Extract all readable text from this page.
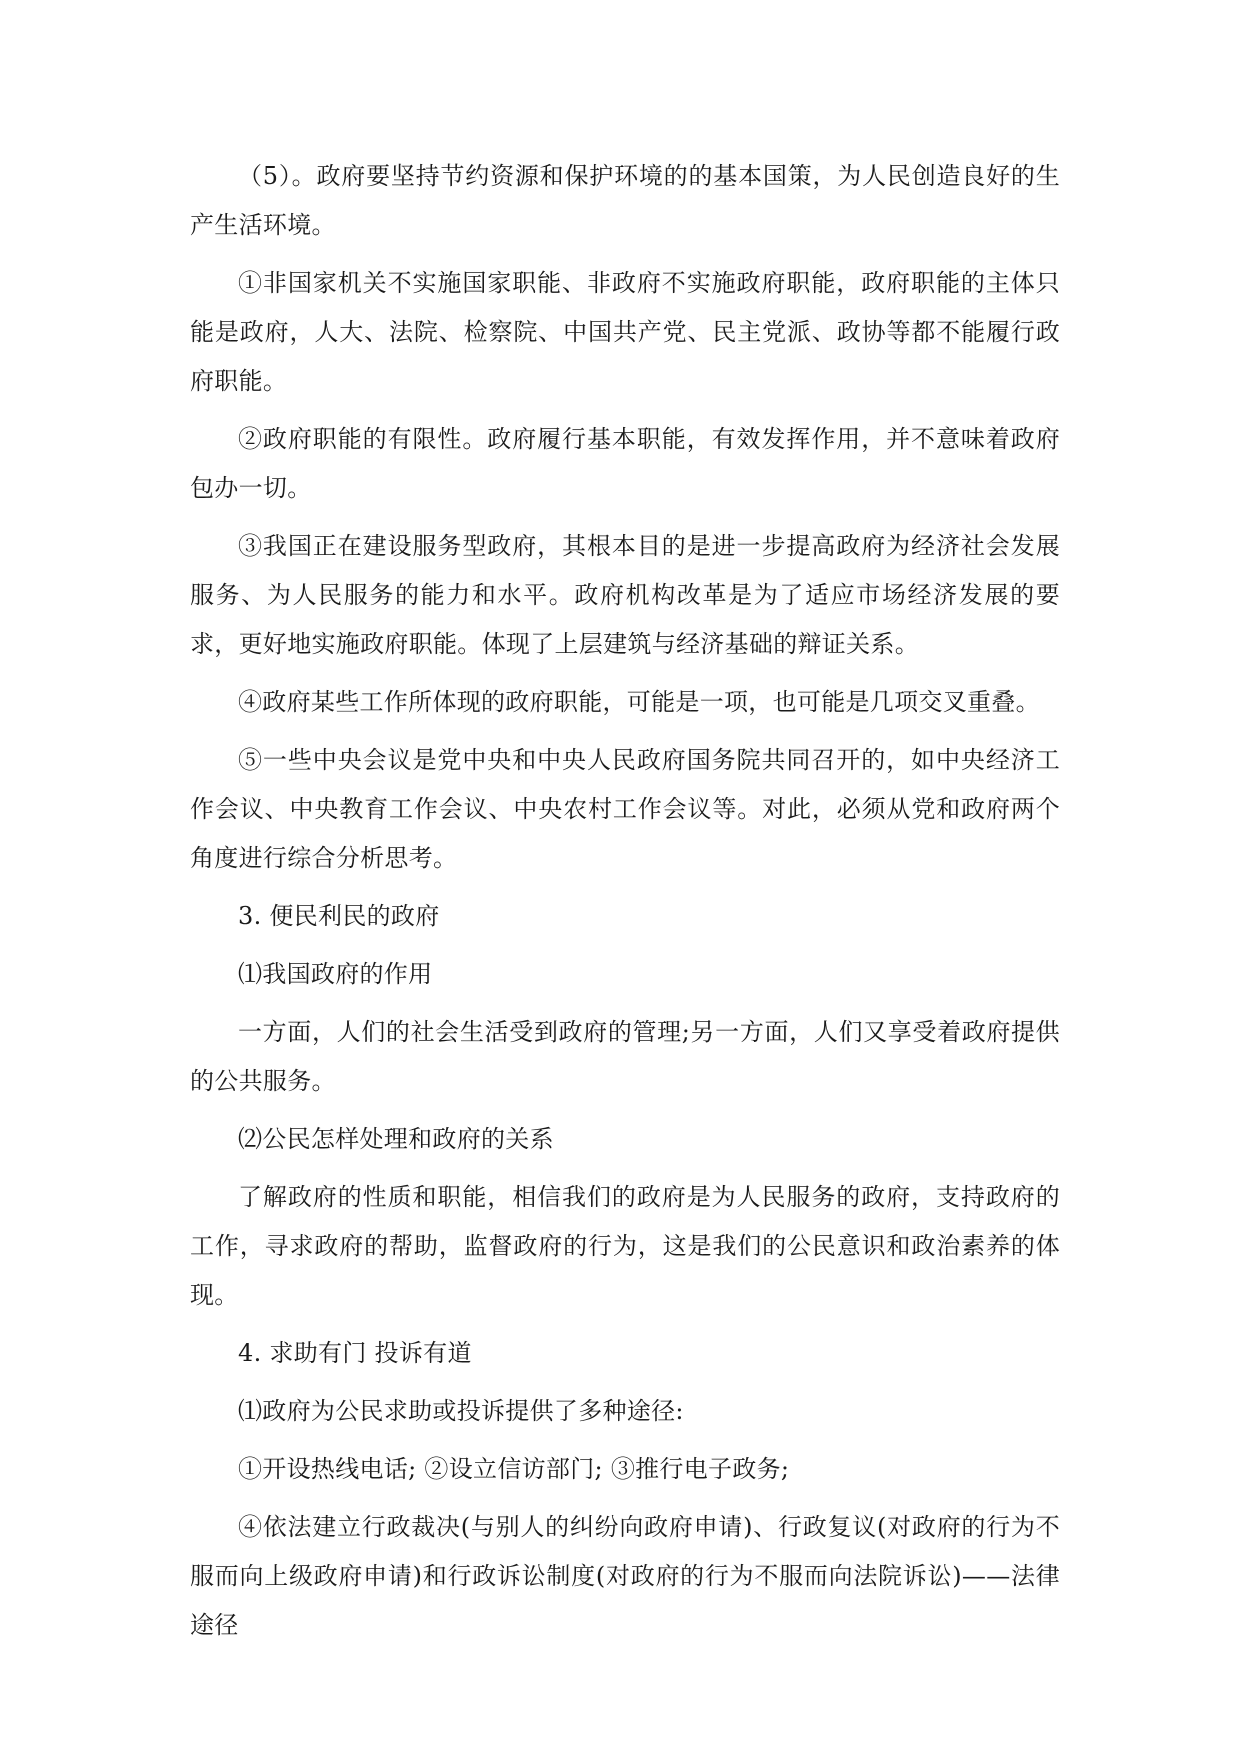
（5）。政府要坚持节约资源和保护环境的的基本国策，为人民创造良好的生产生活环境。

①非国家机关不实施国家职能、非政府不实施政府职能，政府职能的主体只能是政府，人大、法院、检察院、中国共产党、民主党派、政协等都不能履行政府职能。

②政府职能的有限性。政府履行基本职能，有效发挥作用，并不意味着政府包办一切。

③我国正在建设服务型政府，其根本目的是进一步提高政府为经济社会发展服务、为人民服务的能力和水平。政府机构改革是为了适应市场经济发展的要求，更好地实施政府职能。体现了上层建筑与经济基础的辩证关系。

④政府某些工作所体现的政府职能，可能是一项，也可能是几项交叉重叠。

⑤一些中央会议是党中央和中央人民政府国务院共同召开的，如中央经济工作会议、中央教育工作会议、中央农村工作会议等。对此，必须从党和政府两个角度进行综合分析思考。

3. 便民利民的政府

⑴我国政府的作用

一方面，人们的社会生活受到政府的管理;另一方面，人们又享受着政府提供的公共服务。

⑵公民怎样处理和政府的关系

了解政府的性质和职能，相信我们的政府是为人民服务的政府，支持政府的工作，寻求政府的帮助，监督政府的行为，这是我们的公民意识和政治素养的体现。

4. 求助有门 投诉有道

⑴政府为公民求助或投诉提供了多种途径:

①开设热线电话; ②设立信访部门; ③推行电子政务;

④依法建立行政裁决(与别人的纠纷向政府申请)、行政复议(对政府的行为不服而向上级政府申请)和行政诉讼制度(对政府的行为不服而向法院诉讼)——法律途径
